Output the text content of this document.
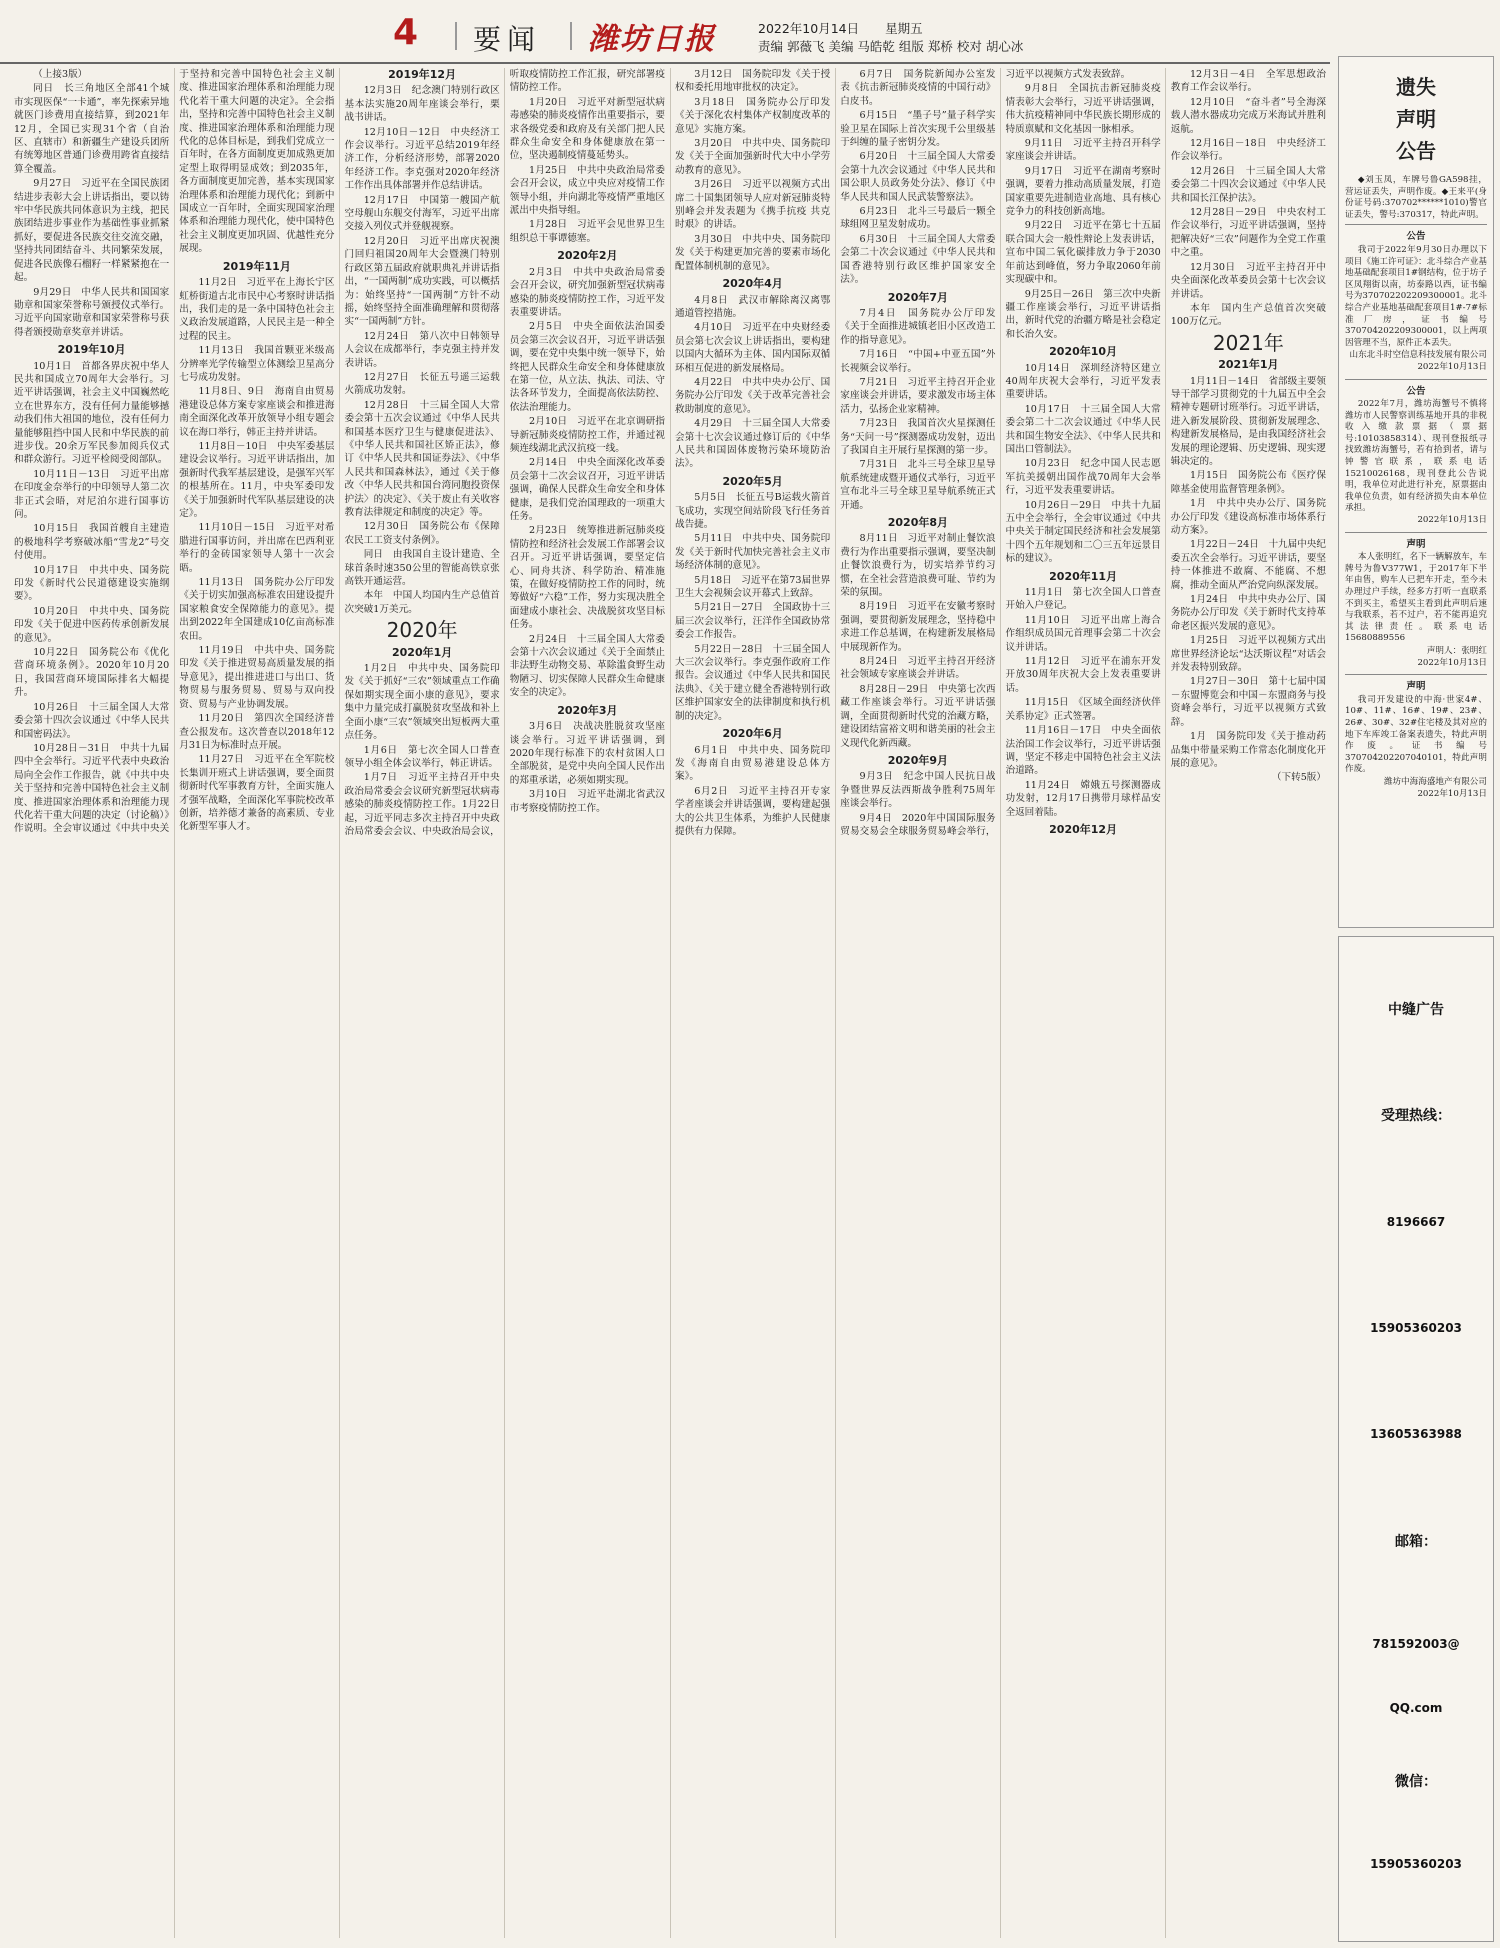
4 要闻 潍坊日报	2022年10月14日 星期五
责编 郭薇飞 美编 马皓乾 组版 郑桥 校对 胡心冰

（上接3版）

同日　 长三角地区全部41个城市实现医保“一卡通”，率先探索异地就医门诊费用直接结算，到2021年12月，全国已实现31个省（自治区、直辖市）和新疆生产建设兵团所有统筹地区普通门诊费用跨省直接结算全覆盖。

9月27日　 习近平在全国民族团结进步表彰大会上讲话指出，要以铸牢中华民族共同体意识为主线，把民族团结进步事业作为基础性事业抓紧抓好，要促进各民族交往交流交融，坚持共同团结奋斗、共同繁荣发展，促进各民族像石榴籽一样紧紧抱在一起。

9月29日　 中华人民共和国国家勋章和国家荣誉称号颁授仪式举行。习近平向国家勋章和国家荣誉称号获得者颁授勋章奖章并讲话。

2019年10月

10月1日　 首都各界庆祝中华人民共和国成立70周年大会举行。习近平讲话强调，社会主义中国巍然屹立在世界东方，没有任何力量能够撼动我们伟大祖国的地位，没有任何力量能够阻挡中国人民和中华民族的前进步伐。20余万军民参加阅兵仪式和群众游行。习近平检阅受阅部队。

10月11日－13日　 习近平出席在印度金奈举行的中印领导人第二次非正式会晤，对尼泊尔进行国事访问。

10月15日　 我国首艘自主建造的极地科学考察破冰船“雪龙2”号交付使用。

10月17日　 中共中央、国务院印发《新时代公民道德建设实施纲要》。

10月20日　 中共中央、国务院印发《关于促进中医药传承创新发展的意见》。

10月22日　 国务院公布《优化营商环境条例》。2020年10月20日，我国营商环境国际排名大幅提升。

10月26日　 十三届全国人大常委会第十四次会议通过《中华人民共和国密码法》。

10月28日－31日　 中共十九届四中全会举行。习近平代表中央政治局向全会作工作报告，就《中共中央关于坚持和完善中国特色社会主义制度、推进国家治理体系和治理能力现代化若干重大问题的决定（讨论稿）》作说明。全会审议通过《中共中央关于坚持和完善中国特色社会主义制度、推进国家治理体系和治理能力现代化若干重大问题的决定》。全会指出，坚持和完善中国特色社会主义制度、推进国家治理体系和治理能力现代化的总体目标是，到我们党成立一百年时，在各方面制度更加成熟更加定型上取得明显成效；到2035年，各方面制度更加完善，基本实现国家治理体系和治理能力现代化；到新中国成立一百年时，全面实现国家治理体系和治理能力现代化，使中国特色社会主义制度更加巩固、优越性充分展现。

2019年11月

11月2日　 习近平在上海长宁区虹桥街道古北市民中心考察时讲话指出，我们走的是一条中国特色社会主义政治发展道路，人民民主是一种全过程的民主。

11月13日　 我国首颗亚米级高分辨率光学传输型立体测绘卫星高分七号成功发射。

11月8日、9日　 海南自由贸易港建设总体方案专家座谈会和推进海南全面深化改革开放领导小组专题会议在海口举行，韩正主持并讲话。

11月8日－10日　 中央军委基层建设会议举行。习近平讲话指出，加强新时代我军基层建设，是强军兴军的根基所在。11月，中央军委印发《关于加强新时代军队基层建设的决定》。

11月10日－15日　 习近平对希腊进行国事访问，并出席在巴西利亚举行的金砖国家领导人第十一次会晤。

11月13日　 国务院办公厅印发《关于切实加强高标准农田建设提升国家粮食安全保障能力的意见》。提出到2022年全国建成10亿亩高标准农田。

11月19日　 中共中央、国务院印发《关于推进贸易高质量发展的指导意见》，提出推进进口与出口、货物贸易与服务贸易、贸易与双向投资、贸易与产业协调发展。

11月20日　 第四次全国经济普查公报发布。这次普查以2018年12月31日为标准时点开展。

11月27日　 习近平在全军院校长集训开班式上讲话强调，要全面贯彻新时代军事教育方针，全面实施人才强军战略，全面深化军事院校改革创新，培养德才兼备的高素质、专业化新型军事人才。

2019年12月

12月3日　 纪念澳门特别行政区基本法实施20周年座谈会举行，栗战书讲话。

12月10日－12日　 中央经济工作会议举行。习近平总结2019年经济工作，分析经济形势，部署2020年经济工作。李克强对2020年经济工作作出具体部署并作总结讲话。

12月17日　 中国第一艘国产航空母舰山东舰交付海军，习近平出席交接入列仪式并登舰视察。

12月20日　 习近平出席庆祝澳门回归祖国20周年大会暨澳门特别行政区第五届政府就职典礼并讲话指出，“一国两制”成功实践，可以概括为：始终坚持“一国两制”方针不动摇，始终坚持全面准确理解和贯彻落实“一国两制”方针。

12月24日　 第八次中日韩领导人会议在成都举行，李克强主持并发表讲话。

12月27日　 长征五号遥三运载火箭成功发射。

12月28日　 十三届全国人大常委会第十五次会议通过《中华人民共和国基本医疗卫生与健康促进法》、《中华人民共和国社区矫正法》，修订《中华人民共和国证券法》、《中华人民共和国森林法》，通过《关于修改〈中华人民共和国台湾同胞投资保护法〉的决定》、《关于废止有关收容教育法律规定和制度的决定》等。

12月30日　 国务院公布《保障农民工工资支付条例》。

同日　 由我国自主设计建造、全球首条时速350公里的智能高铁京张高铁开通运营。

本年　 中国人均国内生产总值首次突破1万美元。

2020年

2020年1月

1月2日　 中共中央、国务院印发《关于抓好“三农”领域重点工作确保如期实现全面小康的意见》，要求集中力量完成打赢脱贫攻坚战和补上全面小康“三农”领域突出短板两大重点任务。

1月6日　 第七次全国人口普查领导小组全体会议举行，韩正讲话。

1月7日　 习近平主持召开中央政治局常委会会议研究新型冠状病毒感染的肺炎疫情防控工作。1月22日起，习近平同志多次主持召开中央政治局常委会会议、中央政治局会议，听取疫情防控工作汇报，研究部署疫情防控工作。

1月20日　 习近平对新型冠状病毒感染的肺炎疫情作出重要指示，要求各级党委和政府及有关部门把人民群众生命安全和身体健康放在第一位，坚决遏制疫情蔓延势头。

1月25日　 中共中央政治局常委会召开会议，成立中央应对疫情工作领导小组，并向湖北等疫情严重地区派出中央指导组。

1月28日　 习近平会见世界卫生组织总干事谭德塞。

2020年2月

2月3日　 中共中央政治局常委会召开会议，研究加强新型冠状病毒感染的肺炎疫情防控工作，习近平发表重要讲话。

2月5日　 中央全面依法治国委员会第三次会议召开，习近平讲话强调，要在党中央集中统一领导下，始终把人民群众生命安全和身体健康放在第一位，从立法、执法、司法、守法各环节发力，全面提高依法防控、依法治理能力。

2月10日　 习近平在北京调研指导新冠肺炎疫情防控工作，并通过视频连线湖北武汉抗疫一线。

2月14日　 中央全面深化改革委员会第十二次会议召开，习近平讲话强调，确保人民群众生命安全和身体健康，是我们党治国理政的一项重大任务。

2月23日　 统筹推进新冠肺炎疫情防控和经济社会发展工作部署会议召开。习近平讲话强调，要坚定信心、同舟共济、科学防治、精准施策，在做好疫情防控工作的同时，统筹做好“六稳”工作，努力实现决胜全面建成小康社会、决战脱贫攻坚目标任务。

2月24日　 十三届全国人大常委会第十六次会议通过《关于全面禁止非法野生动物交易、革除滥食野生动物陋习、切实保障人民群众生命健康安全的决定》。

2020年3月

3月6日　 决战决胜脱贫攻坚座谈会举行。习近平讲话强调，到2020年现行标准下的农村贫困人口全部脱贫，是党中央向全国人民作出的郑重承诺，必须如期实现。

3月10日　 习近平赴湖北省武汉市考察疫情防控工作。

3月12日　 国务院印发《关于授权和委托用地审批权的决定》。

3月18日　 国务院办公厅印发《关于深化农村集体产权制度改革的意见》实施方案。

3月20日　 中共中央、国务院印发《关于全面加强新时代大中小学劳动教育的意见》。

3月26日　 习近平以视频方式出席二十国集团领导人应对新冠肺炎特别峰会并发表题为《携手抗疫 共克时艰》的讲话。

3月30日　 中共中央、国务院印发《关于构建更加完善的要素市场化配置体制机制的意见》。

2020年4月

4月8日　 武汉市解除离汉离鄂通道管控措施。

4月10日　 习近平在中央财经委员会第七次会议上讲话指出，要构建以国内大循环为主体、国内国际双循环相互促进的新发展格局。

4月22日　 中共中央办公厅、国务院办公厅印发《关于改革完善社会救助制度的意见》。

4月29日　 十三届全国人大常委会第十七次会议通过修订后的《中华人民共和国固体废物污染环境防治法》。

2020年5月

5月5日　 长征五号B运载火箭首飞成功，实现空间站阶段飞行任务首战告捷。

5月11日　 中共中央、国务院印发《关于新时代加快完善社会主义市场经济体制的意见》。

5月18日　 习近平在第73届世界卫生大会视频会议开幕式上致辞。

5月21日－27日　 全国政协十三届三次会议举行，汪洋作全国政协常委会工作报告。

5月22日－28日　 十三届全国人大三次会议举行。李克强作政府工作报告。会议通过《中华人民共和国民法典》、《关于建立健全香港特别行政区维护国家安全的法律制度和执行机制的决定》。

2020年6月

6月1日　 中共中央、国务院印发《海南自由贸易港建设总体方案》。

6月2日　 习近平主持召开专家学者座谈会并讲话强调，要构建起强大的公共卫生体系，为维护人民健康提供有力保障。

6月7日　 国务院新闻办公室发表《抗击新冠肺炎疫情的中国行动》白皮书。

6月15日　 “墨子号”量子科学实验卫星在国际上首次实现千公里级基于纠缠的量子密钥分发。

6月20日　 十三届全国人大常委会第十九次会议通过《中华人民共和国公职人员政务处分法》、修订《中华人民共和国人民武装警察法》。

6月23日　 北斗三号最后一颗全球组网卫星发射成功。

6月30日　 十三届全国人大常委会第二十次会议通过《中华人民共和国香港特别行政区维护国家安全法》。

2020年7月

7月4日　 国务院办公厅印发《关于全面推进城镇老旧小区改造工作的指导意见》。

7月16日　 “中国+中亚五国”外长视频会议举行。

7月21日　 习近平主持召开企业家座谈会并讲话，要求激发市场主体活力，弘扬企业家精神。

7月23日　 我国首次火星探测任务“天问一号”探测器成功发射，迈出了我国自主开展行星探测的第一步。

7月31日　 北斗三号全球卫星导航系统建成暨开通仪式举行，习近平宣布北斗三号全球卫星导航系统正式开通。

2020年8月

8月11日　 习近平对制止餐饮浪费行为作出重要指示强调，要坚决制止餐饮浪费行为，切实培养节约习惯，在全社会营造浪费可耻、节约为荣的氛围。

8月19日　 习近平在安徽考察时强调，要贯彻新发展理念，坚持稳中求进工作总基调，在构建新发展格局中展现新作为。

8月24日　 习近平主持召开经济社会领域专家座谈会并讲话。

8月28日－29日　 中央第七次西藏工作座谈会举行。习近平讲话强调，全面贯彻新时代党的治藏方略，建设团结富裕文明和谐美丽的社会主义现代化新西藏。

2020年9月

9月3日　 纪念中国人民抗日战争暨世界反法西斯战争胜利75周年座谈会举行。

9月4日　 2020年中国国际服务贸易交易会全球服务贸易峰会举行，习近平以视频方式发表致辞。

9月8日　 全国抗击新冠肺炎疫情表彰大会举行，习近平讲话强调，伟大抗疫精神同中华民族长期形成的特质禀赋和文化基因一脉相承。

9月11日　 习近平主持召开科学家座谈会并讲话。

9月17日　 习近平在湖南考察时强调，要着力推动高质量发展，打造国家重要先进制造业高地、具有核心竞争力的科技创新高地。

9月22日　 习近平在第七十五届联合国大会一般性辩论上发表讲话，宣布中国二氧化碳排放力争于2030年前达到峰值，努力争取2060年前实现碳中和。

9月25日－26日　 第三次中央新疆工作座谈会举行，习近平讲话指出，新时代党的治疆方略是社会稳定和长治久安。

2020年10月

10月14日　 深圳经济特区建立40周年庆祝大会举行，习近平发表重要讲话。

10月17日　 十三届全国人大常委会第二十二次会议通过《中华人民共和国生物安全法》、《中华人民共和国出口管制法》。

10月23日　 纪念中国人民志愿军抗美援朝出国作战70周年大会举行，习近平发表重要讲话。

10月26日－29日　 中共十九届五中全会举行，全会审议通过《中共中央关于制定国民经济和社会发展第十四个五年规划和二〇三五年远景目标的建议》。

2020年11月

11月1日　 第七次全国人口普查开始入户登记。

11月10日　 习近平出席上海合作组织成员国元首理事会第二十次会议并讲话。

11月12日　 习近平在浦东开发开放30周年庆祝大会上发表重要讲话。

11月15日　 《区域全面经济伙伴关系协定》正式签署。

11月16日－17日　 中央全面依法治国工作会议举行，习近平讲话强调，坚定不移走中国特色社会主义法治道路。

11月24日　 嫦娥五号探测器成功发射，12月17日携带月球样品安全返回着陆。

2020年12月

12月3日－4日　 全军思想政治教育工作会议举行。

12月10日　 “奋斗者”号全海深载人潜水器成功完成万米海试并胜利返航。

12月16日－18日　 中央经济工作会议举行。

12月26日　 十三届全国人大常委会第二十四次会议通过《中华人民共和国长江保护法》。

12月28日－29日　 中央农村工作会议举行，习近平讲话强调，坚持把解决好“三农”问题作为全党工作重中之重。

12月30日　 习近平主持召开中央全面深化改革委员会第十七次会议并讲话。

本年　 国内生产总值首次突破100万亿元。

2021年

2021年1月

1月11日－14日　 省部级主要领导干部学习贯彻党的十九届五中全会精神专题研讨班举行。习近平讲话，进入新发展阶段、贯彻新发展理念、构建新发展格局，是由我国经济社会发展的理论逻辑、历史逻辑、现实逻辑决定的。

1月15日　 国务院公布《医疗保障基金使用监督管理条例》。

1月　 中共中央办公厅、国务院办公厅印发《建设高标准市场体系行动方案》。

1月22日－24日　 十九届中央纪委五次全会举行。习近平讲话，要坚持一体推进不敢腐、不能腐、不想腐，推动全面从严治党向纵深发展。

1月24日　 中共中央办公厅、国务院办公厅印发《关于新时代支持革命老区振兴发展的意见》。

1月25日　 习近平以视频方式出席世界经济论坛“达沃斯议程”对话会并发表特别致辞。

1月27日－30日　 第十七届中国－东盟博览会和中国－东盟商务与投资峰会举行，习近平以视频方式致辞。

1月　 国务院印发《关于推动药品集中带量采购工作常态化制度化开展的意见》。

（下转5版）

遗失
声明
公告

◆刘玉凤，车牌号鲁GA598挂，营运证丢失，声明作废。◆王来平(身份证号码:370702******1010)警官证丢失，警号:370317，特此声明。

公告

我司于2022年9月30日办理以下项目《施工许可证》：北斗综合产业基地基础配套项目1#钢结构，位于坊子区凤翔街以南，坊泰路以西，证书编号为370702202209300001。北斗综合产业基地基础配套项目1#-7#标准厂房，证书编号370704202209300001，以上两项因管理不当，原件正本丢失。

山东北斗时空信息科技发展有限公司

2022年10月13日

公告

2022年7月，潍坊海蟹号不慎将潍坊市人民警察训练基地开具的非税收入缴款票据（票据号:10103858314）、现刊登报纸寻找致潍坊海蟹号，若有拾到者，请与钟警官联系，联系电话15210026168，现刊登此公告说明，我单位对此进行补充，原票据由我单位负责，如有经济损失由本单位承担。

2022年10月13日

声明

本人张明红，名下一辆解放车，车牌号为鲁V377W1，于2017年下半年由售，购车人已把车开走，至今未办理过户手续，经多方打听一直联系不到买主，希望买主看到此声明后速与我联系，若不过户，若不能再追究其法律责任。联系电话15680889556

声明人：张明红

2022年10月13日

声明

我司开发建设的中海·世家4#、10#、11#、16#、19#、23#、26#、30#、32#住宅楼及其对应的地下车库竣工备案表遗失，特此声明作废。证书编号370704202207040101，特此声明作废。

潍坊中海海盛地产有限公司

2022年10月13日

中缝广告
受理热线：
8196667
15905360203
13605363988
邮箱：
781592003@
QQ.com
微信：
15905360203
